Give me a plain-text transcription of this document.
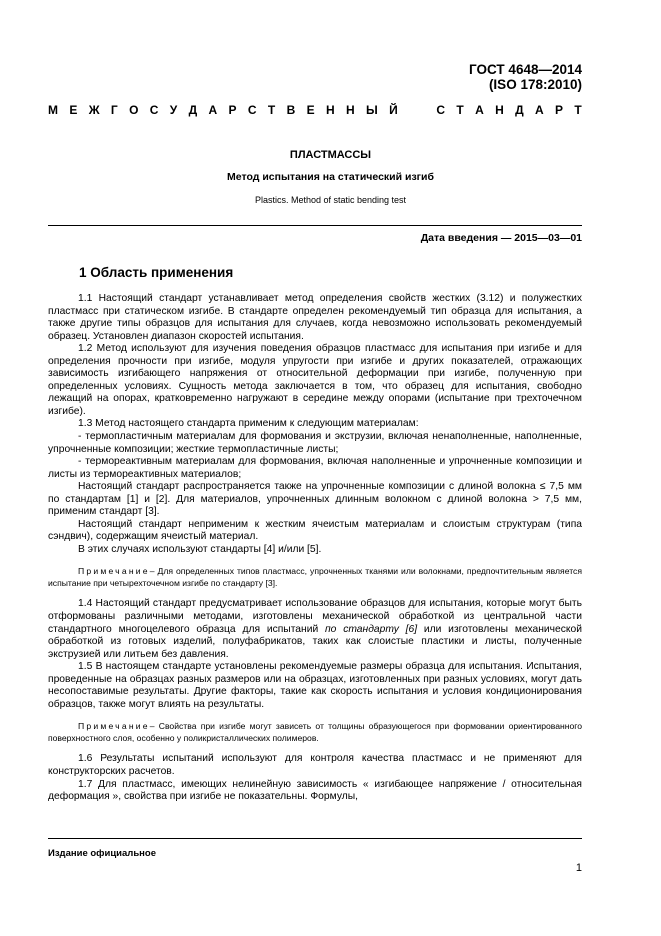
ГОСТ 4648—2014
(ISO 178:2010)
М Е Ж Г О С У Д А Р С Т В Е Н Н Ы Й	С Т А Н Д А Р Т
ПЛАСТМАССЫ
Метод испытания на статический изгиб
Plastics. Method of static bending test
Дата введения — 2015—03—01
1 Область применения

1.1 Настоящий стандарт устанавливает метод определения свойств жестких (3.12) и полужестких пластмасс при статическом изгибе. В стандарте определен рекомендуемый тип образца для испытания, а также другие типы образцов для испытания для случаев, когда невозможно использовать рекомендуемый образец. Установлен диапазон скоростей испытания.

1.2 Метод используют для изучения поведения образцов пластмасс для испытания при изгибе и для определения прочности при изгибе, модуля упругости при изгибе и других показателей, отражающих зависимость изгибающего напряжения от относительной деформации при изгибе, полученную при определенных условиях. Сущность метода заключается в том, что образец для испытания, свободно лежащий на опорах, кратковременно нагружают в середине между опорами (испытание при трехточечном изгибе).

1.3 Метод настоящего стандарта применим к следующим материалам:

- термопластичным материалам для формования и экструзии, включая ненаполненные, наполненные, упрочненные композиции; жесткие термопластичные листы;

- термореактивным материалам для формования, включая наполненные и упрочненные композиции и листы из термореактивных материалов;

Настоящий стандарт распространяется также на упрочненные композиции с длиной волокна ≤ 7,5 мм по стандартам [1] и [2]. Для материалов, упрочненных длинным волокном с длиной волокна > 7,5 мм, применим стандарт [3].

Настоящий стандарт неприменим к жестким ячеистым материалам и слоистым структурам (типа сэндвич), содержащим ячеистый материал.

В этих случаях используют стандарты [4] и/или [5].

Примечание– Для определенных типов пластмасс, упрочненных тканями или волокнами, предпочтительным является испытание при четырехточечном изгибе по стандарту [3].

1.4 Настоящий стандарт предусматривает использование образцов для испытания, которые могут быть отформованы различными методами, изготовлены механической обработкой из центральной части стандартного многоцелевого образца для испытаний по стандарту [6] или изготовлены механической обработкой из готовых изделий, полуфабрикатов, таких как слоистые пластики и листы, полученные экструзией или литьем без давления.

1.5 В настоящем стандарте установлены рекомендуемые размеры образца для испытания. Испытания, проведенные на образцах разных размеров или на образцах, изготовленных при разных условиях, могут дать несопоставимые результаты. Другие факторы, такие как скорость испытания и условия кондиционирования образцов, также могут влиять на результаты.

Примечание– Свойства при изгибе могут зависеть от толщины образующегося при формовании ориентированного поверхностного слоя, особенно у поликристаллических полимеров.

1.6 Результаты испытаний используют для контроля качества пластмасс и не применяют для конструкторских расчетов.

1.7 Для пластмасс, имеющих нелинейную зависимость « изгибающее напряжение / относительная деформация », свойства при изгибе не показательны. Формулы,

Издание официальное
1
